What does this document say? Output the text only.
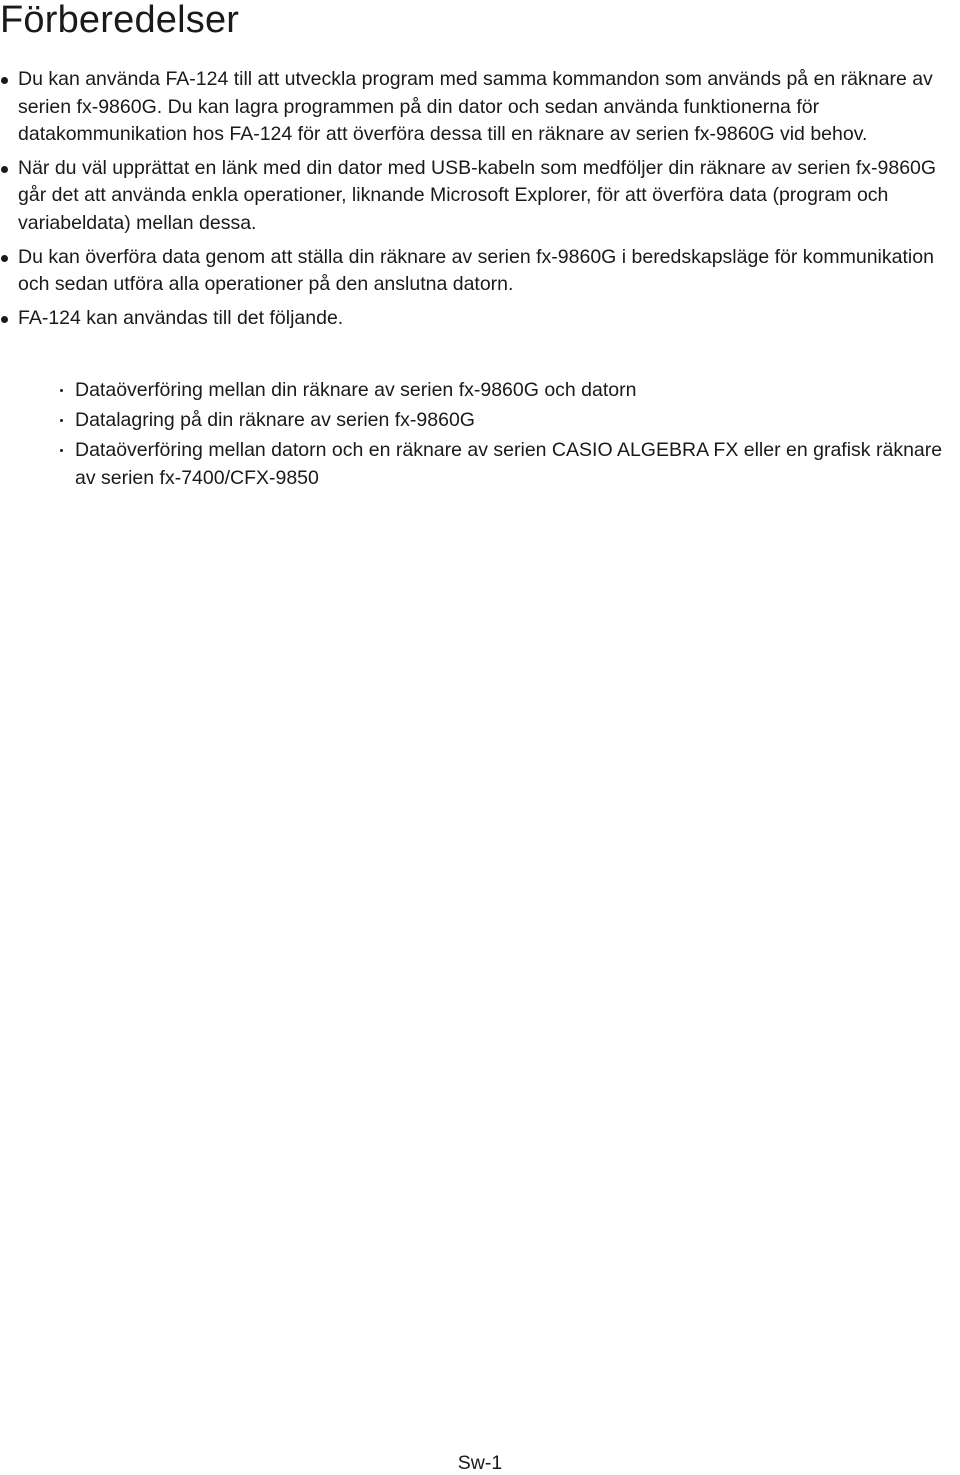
Förberedelser
Du kan använda FA-124 till att utveckla program med samma kommandon som används på en räknare av serien fx-9860G. Du kan lagra programmen på din dator och sedan använda funktionerna för datakommunikation hos FA-124 för att överföra dessa till en räknare av serien fx-9860G vid behov.
När du väl upprättat en länk med din dator med USB-kabeln som medföljer din räknare av serien fx-9860G går det att använda enkla operationer, liknande Microsoft Explorer, för att överföra data (program och variabeldata) mellan dessa.
Du kan överföra data genom att ställa din räknare av serien fx-9860G i beredskapsläge för kommunikation och sedan utföra alla operationer på den anslutna datorn.
FA-124 kan användas till det följande.
Dataöverföring mellan din räknare av serien fx-9860G och datorn
Datalagring på din räknare av serien fx-9860G
Dataöverföring mellan datorn och en räknare av serien CASIO ALGEBRA FX eller en grafisk räknare av serien fx-7400/CFX-9850
Sw-1
